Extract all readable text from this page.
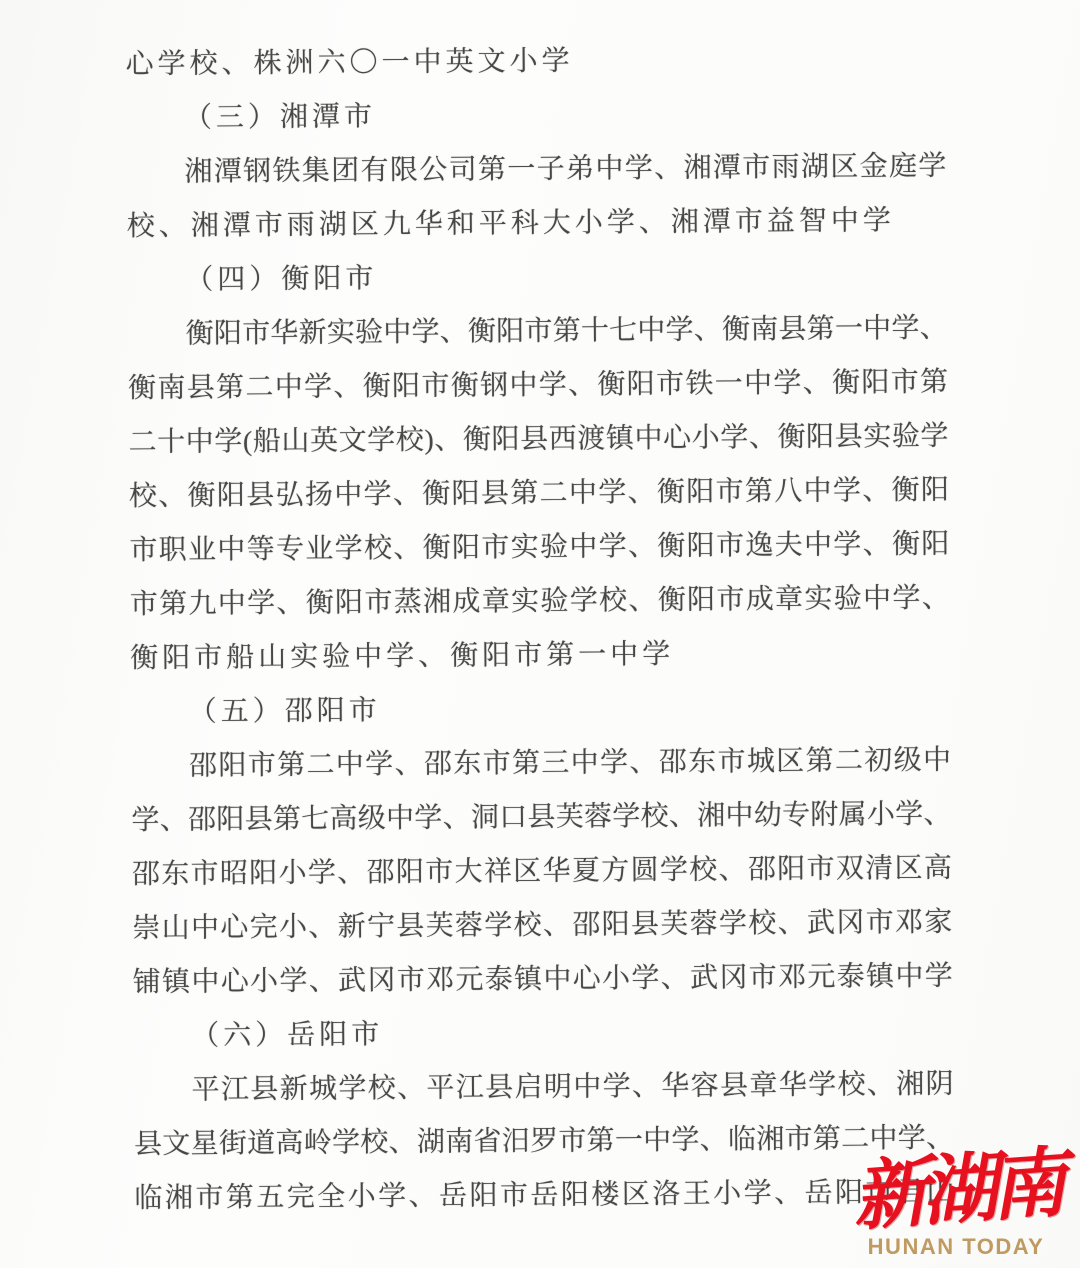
心学校、株洲六〇一中英文小学
（三）湘潭市
湘潭钢铁集团有限公司第一子弟中学、湘潭市雨湖区金庭学
校、湘潭市雨湖区九华和平科大小学、湘潭市益智中学
（四）衡阳市
衡阳市华新实验中学、衡阳市第十七中学、衡南县第一中学、
衡南县第二中学、衡阳市衡钢中学、衡阳市铁一中学、衡阳市第
二十中学(船山英文学校)、衡阳县西渡镇中心小学、衡阳县实验学
校、衡阳县弘扬中学、衡阳县第二中学、衡阳市第八中学、衡阳
市职业中等专业学校、衡阳市实验中学、衡阳市逸夫中学、衡阳
市第九中学、衡阳市蒸湘成章实验学校、衡阳市成章实验中学、
衡阳市船山实验中学、衡阳市第一中学
（五）邵阳市
邵阳市第二中学、邵东市第三中学、邵东市城区第二初级中
学、邵阳县第七高级中学、洞口县芙蓉学校、湘中幼专附属小学、
邵东市昭阳小学、邵阳市大祥区华夏方圆学校、邵阳市双清区高
崇山中心完小、新宁县芙蓉学校、邵阳县芙蓉学校、武冈市邓家
铺镇中心小学、武冈市邓元泰镇中心小学、武冈市邓元泰镇中学
（六）岳阳市
平江县新城学校、平江县启明中学、华容县章华学校、湘阴
县文星街道高岭学校、湖南省汨罗市第一中学、临湘市第二中学、
临湘市第五完全小学、岳阳市岳阳楼区洛王小学、岳阳市君山
新湖南
HUNAN TODAY
